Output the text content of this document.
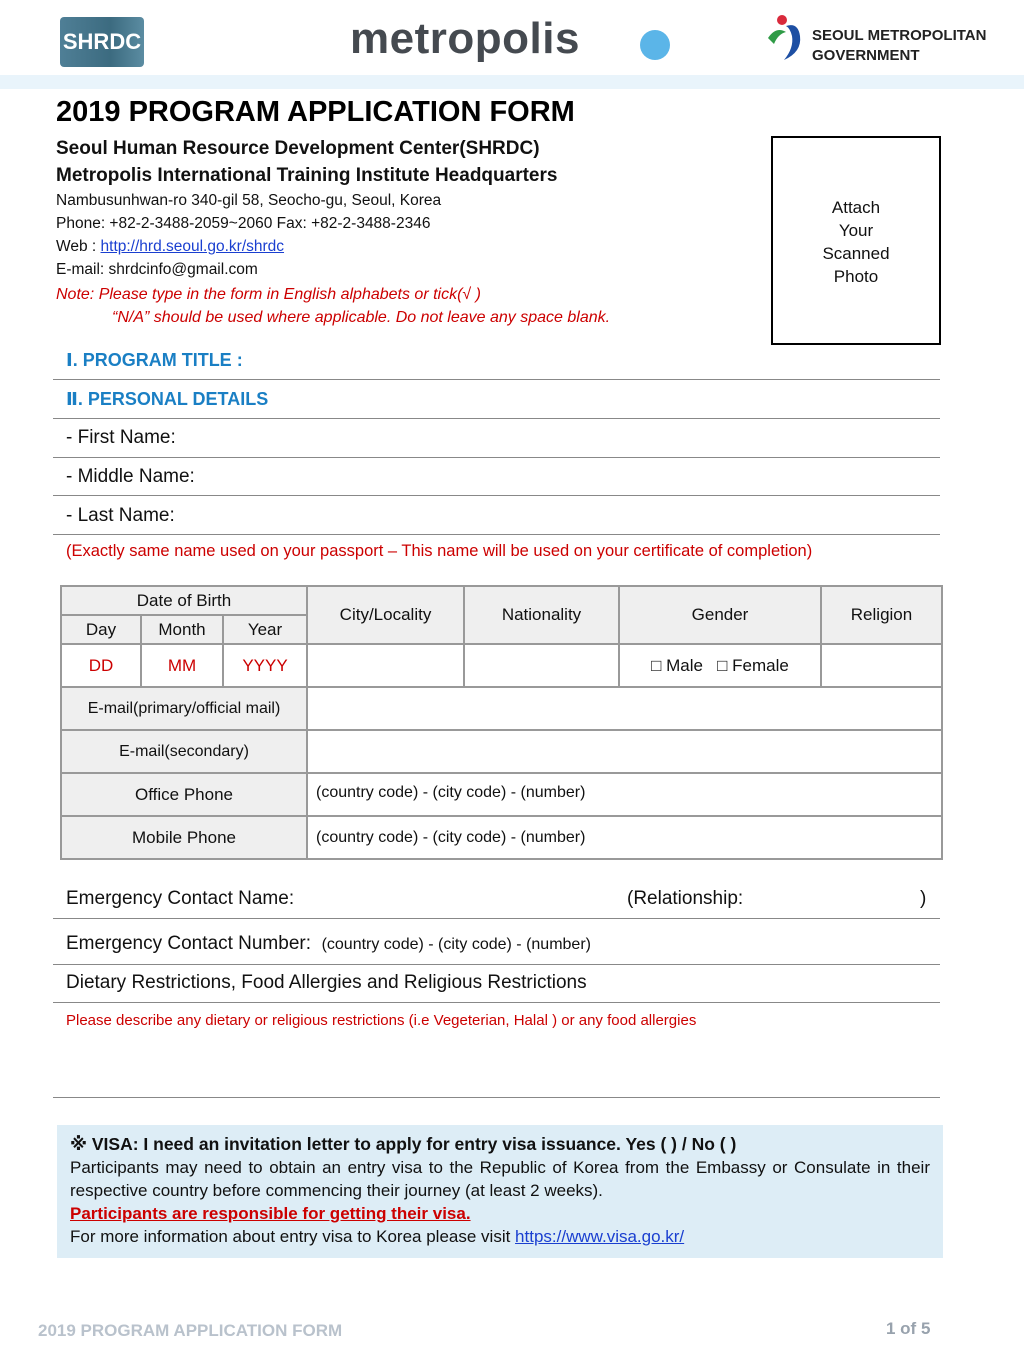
SHRDC	metropolis	SEOUL METROPOLITAN
GOVERNMENT
2019 PROGRAM APPLICATION FORM
Seoul Human Resource Development Center(SHRDC)
Metropolis International Training Institute Headquarters
Nambusunhwan-ro 340-gil 58, Seocho-gu, Seoul, Korea
Phone: +82-2-3488-2059~2060 Fax: +82-2-3488-2346
Web : http://hrd.seoul.go.kr/shrdc
E-mail: shrdcinfo@gmail.com
Note: Please type in the form in English alphabets or tick(√ )
“N/A” should be used where applicable. Do not leave any space blank.
Attach
Your
Scanned
Photo
Ⅰ. PROGRAM TITLE :
Ⅱ. PERSONAL DETAILS
- First Name:
- Middle Name:
- Last Name:
(Exactly same name used on your passport – This name will be used on your certificate of completion)
Date of Birth			City/Locality	Nationality	Gender	Religion
Day	Month	Year				
DD	MM	YYYY			□ Male □ Female	
E-mail(primary/official mail)						
E-mail(secondary)						
Office Phone			(country code) - (city code) - (number)			
Mobile Phone			(country code) - (city code) - (number)			
Emergency Contact Name:	(Relationship:	)
Emergency Contact Number: (country code) - (city code) - (number)
Dietary Restrictions, Food Allergies and Religious Restrictions
Please describe any dietary or religious restrictions (i.e Vegeterian, Halal ) or any food allergies
※ VISA: I need an invitation letter to apply for entry visa issuance. Yes ( ) / No ( )
Participants may need to obtain an entry visa to the Republic of Korea from the Embassy or Consulate in their respective country before commencing their journey (at least 2 weeks).
Participants are responsible for getting their visa.
For more information about entry visa to Korea please visit https://www.visa.go.kr/
2019 PROGRAM APPLICATION FORM	1 of 5
